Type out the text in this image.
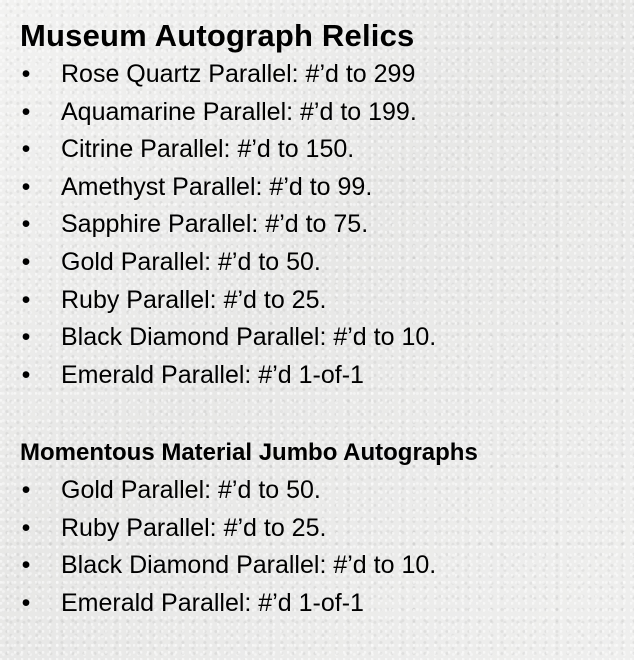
Museum Autograph Relics
• Rose Quartz Parallel: #’d to 299
• Aquamarine Parallel: #’d to 199.
• Citrine Parallel: #’d to 150.
• Amethyst Parallel: #’d to 99.
• Sapphire Parallel: #’d to 75.
• Gold Parallel: #’d to 50.
• Ruby Parallel: #’d to 25.
• Black Diamond Parallel: #’d to 10.
• Emerald Parallel: #’d 1-of-1
Momentous Material Jumbo Autographs
• Gold Parallel: #’d to 50.
• Ruby Parallel: #’d to 25.
• Black Diamond Parallel: #’d to 10.
• Emerald Parallel: #’d 1-of-1
